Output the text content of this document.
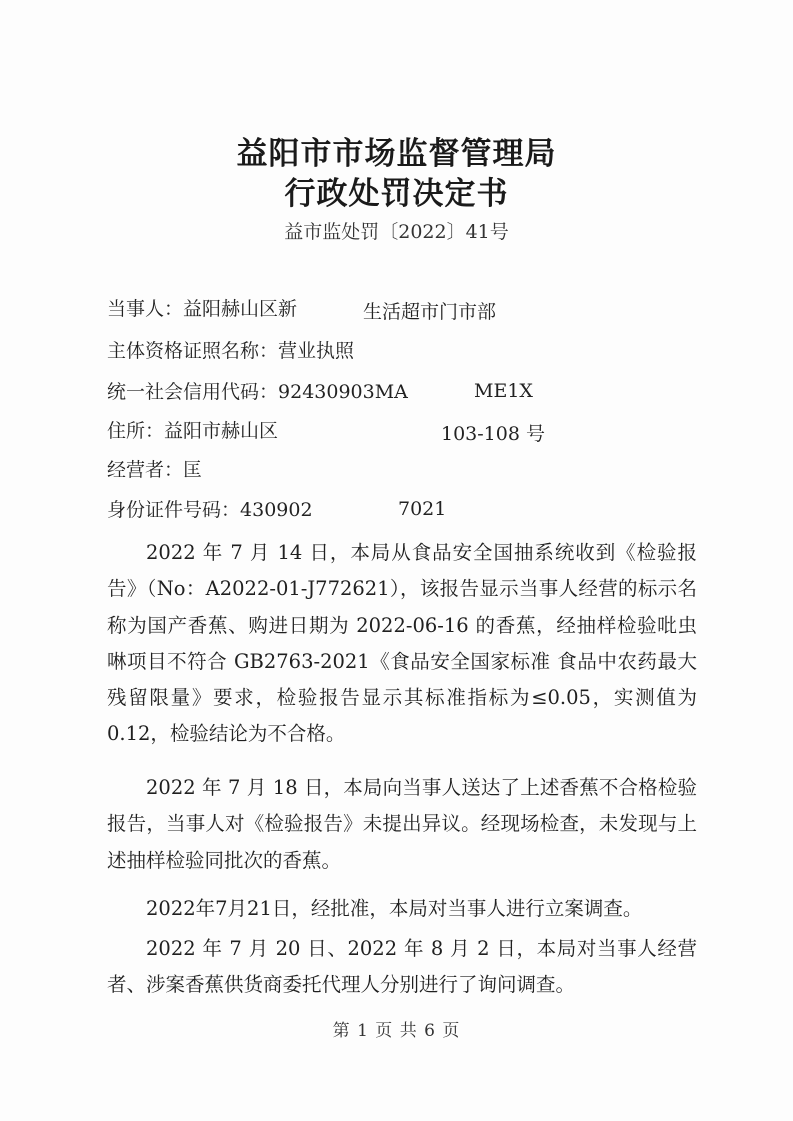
益阳市市场监督管理局
行政处罚决定书
益市监处罚〔2022〕41号
当事人：益阳赫山区新	生活超市门市部
主体资格证照名称：营业执照
统一社会信用代码：92430903MA	ME1X
住所：益阳市赫山区	103-108 号
经营者：匡
身份证件号码：430902	7021
2022 年 7 月 14 日，本局从食品安全国抽系统收到《检验报告》（No：A2022-01-J772621），该报告显示当事人经营的标示名称为国产香蕉、购进日期为 2022-06-16 的香蕉，经抽样检验吡虫啉项目不符合 GB2763-2021《食品安全国家标准 食品中农药最大残留限量》要求，检验报告显示其标准指标为≤0.05，实测值为 0.12，检验结论为不合格。
2022 年 7 月 18 日，本局向当事人送达了上述香蕉不合格检验报告，当事人对《检验报告》未提出异议。经现场检查，未发现与上述抽样检验同批次的香蕉。
2022年7月21日，经批准，本局对当事人进行立案调查。
2022 年 7 月 20 日、2022 年 8 月 2 日，本局对当事人经营者、涉案香蕉供货商委托代理人分别进行了询问调查。
第 1 页 共 6 页
